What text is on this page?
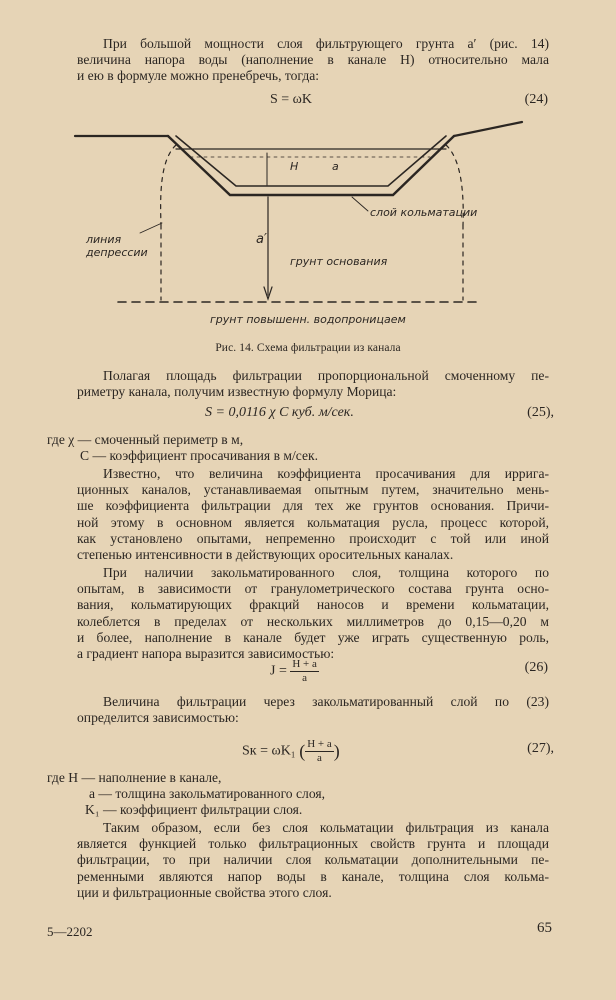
При большой мощности слоя фильтрующего грунта a′ (рис. 14)
величина напора воды (наполнение в канале H) относительно мала
и ею в формуле можно пренебречь, тогда:
S = ωK	(24)
H	a
слой кольматации
линия
депрессии
a′
грунт основания
грунт повышенн. водопроницаем
Рис. 14. Схема фильтрации из канала
Полагая площадь фильтрации пропорциональной смоченному пе-
риметру канала, получим известную формулу Морица:
S = 0,0116 χ C куб. м/сек.	(25),
где χ — смоченный периметр в м,
С — коэффициент просачивания в м/сек.
Известно, что величина коэффициента просачивания для ирригa-
ционных каналов, устанавливаемая опытным путем, значительно мень-
ше коэффициента фильтрации для тех же грунтов основания. Причи-
ной этому в основном является кольматация русла, процесс которой,
как установлено опытами, непременно происходит с той или иной
степенью интенсивности в действующих оросительных каналах.
При наличии закольматированного слоя, толщина которого по
опытам, в зависимости от гранулометрического состава грунта осно-
вания, кольматирующих фракций наносов и времени кольматации,
колеблется в пределах от нескольких миллиметров до 0,15—0,20 м
и более, наполнение в канале будет уже играть существенную роль,
а градиент напора выразится зависимостью:
$J = \frac{H + a}{a}$	(26)
Величина фильтрации через закольматированный слой по (23)
определится зависимостью:
Sк = ωK₁ ( $\frac{H + a}{a}$ )	(27),
где H — наполнение в канале,
a — толщина закольматированного слоя,
K₁ — коэффициент фильтрации слоя.
Таким образом, если без слоя кольматации фильтрация из канала
является функцией только фильтрационных свойств грунта и площади
фильтрации, то при наличии слоя кольматации дополнительными пе-
ременными являются напор воды в канале, толщина слоя кольма-
ции и фильтрационные свойства этого слоя.
5—2202	65
